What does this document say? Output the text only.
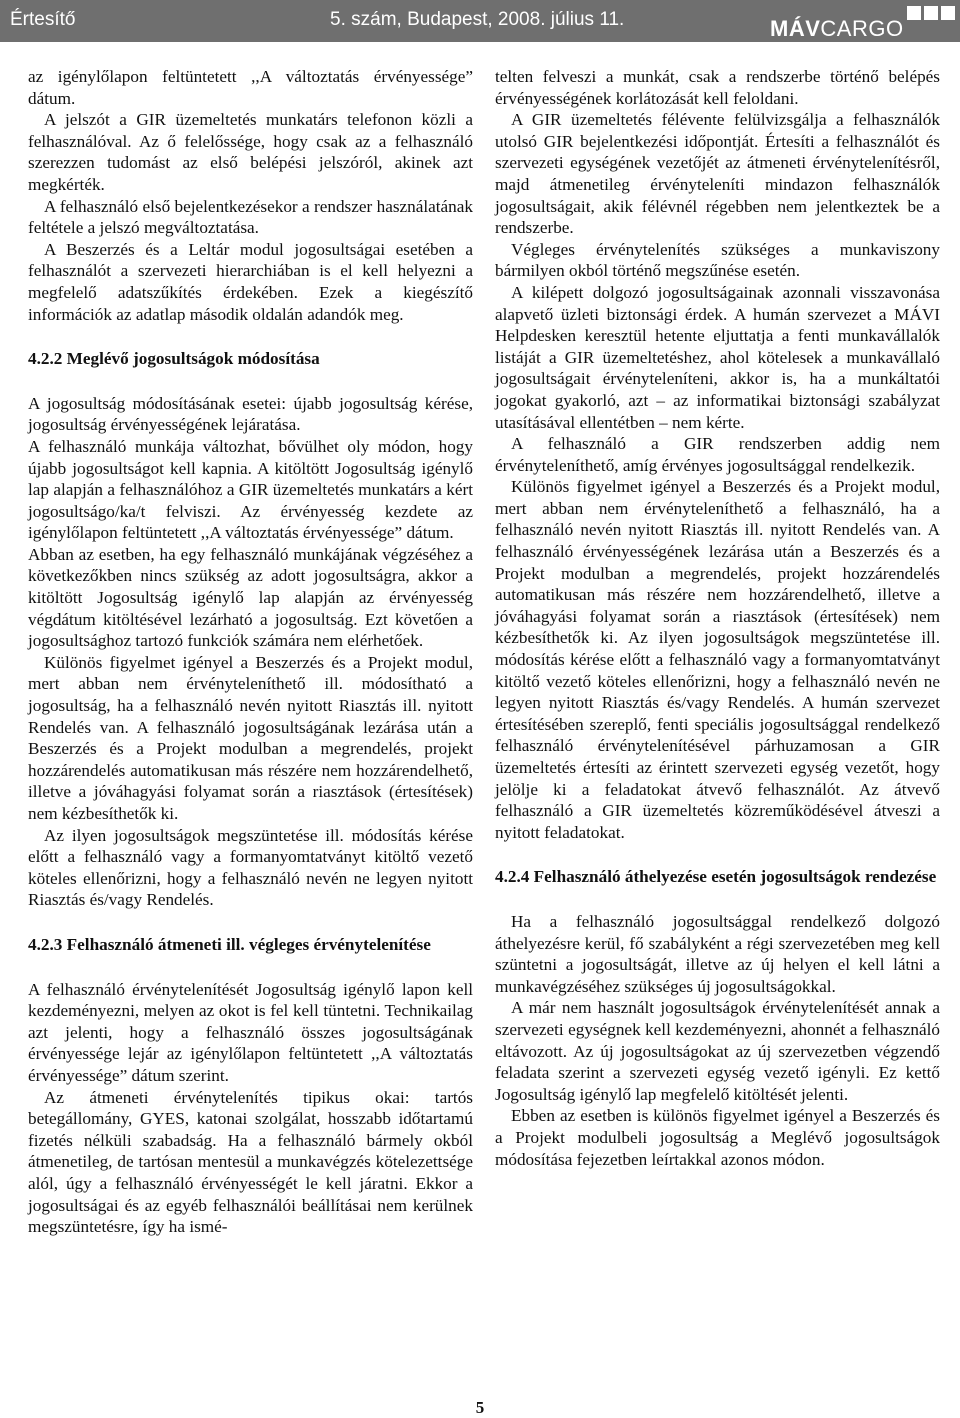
Értesítő	5. szám, Budapest, 2008. július 11.	MÁVCARGO

az igénylőlapon feltüntetett ,,A változtatás érvényessége” dátum.

A jelszót a GIR üzemeltetés munkatárs telefonon közli a felhasználóval. Az ő felelőssége, hogy csak az a felhasználó szerezzen tudomást az első belépési jelszóról, akinek azt megkérték.

A felhasználó első bejelentkezésekor a rendszer használatának feltétele a jelszó megváltoztatása.

A Beszerzés és a Leltár modul jogosultságai esetében a felhasználót a szervezeti hierarchiában is el kell helyezni a megfelelő adatszűkítés érdekében. Ezek a kiegészítő információk az adatlap második oldalán adandók meg.

4.2.2 Meglévő jogosultságok módosítása

A jogosultság módosításának esetei: újabb jogosultság kérése, jogosultság érvényességének lejáratása.

A felhasználó munkája változhat, bővülhet oly módon, hogy újabb jogosultságot kell kapnia. A kitöltött Jogosultság igénylő lap alapján a felhasználóhoz a GIR üzemeltetés munkatárs a kért jogosultságo/ka/t felviszi. Az érvényesség kezdete az igénylőlapon feltüntetett ,,A változtatás érvényessége” dátum.

Abban az esetben, ha egy felhasználó munkájának végzéséhez a következőkben nincs szükség az adott jogosultságra, akkor a kitöltött Jogosultság igénylő lap alapján az érvényesség végdátum kitöltésével lezárható a jogosultság. Ezt követően a jogosultsághoz tartozó funkciók számára nem elérhetőek.

Különös figyelmet igényel a Beszerzés és a Projekt modul, mert abban nem érvényteleníthető ill. módosítható a jogosultság, ha a felhasználó nevén nyitott Riasztás ill. nyitott Rendelés van. A felhasználó jogosultságának lezárása után a Beszerzés és a Projekt modulban a megrendelés, projekt hozzárendelés automatikusan más részére nem hozzárendelhető, illetve a jóváhagyási folyamat során a riasztások (értesítések) nem kézbesíthetők ki.

Az ilyen jogosultságok megszüntetése ill. módosítás kérése előtt a felhasználó vagy a formanyomtatványt kitöltő vezető köteles ellenőrizni, hogy a felhasználó nevén ne legyen nyitott Riasztás és/vagy Rendelés.

4.2.3 Felhasználó átmeneti ill. végleges érvénytelenítése

A felhasználó érvénytelenítését Jogosultság igénylő lapon kell kezdeményezni, melyen az okot is fel kell tüntetni. Technikailag azt jelenti, hogy a felhasználó összes jogosultságának érvényessége lejár az igénylőlapon feltüntetett ,,A változtatás érvényessége” dátum szerint.

Az átmeneti érvénytelenítés tipikus okai: tartós betegállomány, GYES, katonai szolgálat, hosszabb időtartamú fizetés nélküli szabadság. Ha a felhasználó bármely okból átmenetileg, de tartósan mentesül a munkavégzés kötelezettsége alól, úgy a felhasználó érvényességét le kell járatni. Ekkor a jogosultságai és az egyéb felhasználói beállításai nem kerülnek megszüntetésre, így ha ismé-

telten felveszi a munkát, csak a rendszerbe történő belépés érvényességének korlátozását kell feloldani.

A GIR üzemeltetés félévente felülvizsgálja a felhasználók utolsó GIR bejelentkezési időpontját. Értesíti a felhasználót és szervezeti egységének vezetőjét az átmeneti érvénytelenítésről, majd átmenetileg érvényteleníti mindazon felhasználók jogosultságait, akik félévnél régebben nem jelentkeztek be a rendszerbe.

Végleges érvénytelenítés szükséges a munkaviszony bármilyen okból történő megszűnése esetén.

A kilépett dolgozó jogosultságainak azonnali visszavonása alapvető üzleti biztonsági érdek. A humán szervezet a MÁVI Helpdesken keresztül hetente eljuttatja a fenti munkavállalók listáját a GIR üzemeltetéshez, ahol kötelesek a munkavállaló jogosultságait érvényteleníteni, akkor is, ha a munkáltatói jogokat gyakorló, azt – az informatikai biztonsági szabályzat utasításával ellentétben – nem kérte.

A felhasználó a GIR rendszerben addig nem érvényteleníthető, amíg érvényes jogosultsággal rendelkezik.

Különös figyelmet igényel a Beszerzés és a Projekt modul, mert abban nem érvényteleníthető a felhasználó, ha a felhasználó nevén nyitott Riasztás ill. nyitott Rendelés van. A felhasználó érvényességének lezárása után a Beszerzés és a Projekt modulban a megrendelés, projekt hozzárendelés automatikusan más részére nem hozzárendelhető, illetve a jóváhagyási folyamat során a riasztások (értesítések) nem kézbesíthetők ki. Az ilyen jogosultságok megszüntetése ill. módosítás kérése előtt a felhasználó vagy a formanyomtatványt kitöltő vezető köteles ellenőrizni, hogy a felhasználó nevén ne legyen nyitott Riasztás és/vagy Rendelés. A humán szervezet értesítésében szereplő, fenti speciális jogosultsággal rendelkező felhasználó érvénytelenítésével párhuzamosan a GIR üzemeltetés értesíti az érintett szervezeti egység vezetőt, hogy jelölje ki a feladatokat átvevő felhasználót. Az átvevő felhasználó a GIR üzemeltetés közreműködésével átveszi a nyitott feladatokat.

4.2.4 Felhasználó áthelyezése esetén jogosultságok rendezése

Ha a felhasználó jogosultsággal rendelkező dolgozó áthelyezésre kerül, fő szabályként a régi szervezetében meg kell szüntetni a jogosultságát, illetve az új helyen el kell látni a munkavégzéséhez szükséges új jogosultságokkal.

A már nem használt jogosultságok érvénytelenítését annak a szervezeti egységnek kell kezdeményezni, ahonnét a felhasználó eltávozott. Az új jogosultságokat az új szervezetben végzendő feladata szerint a szervezeti egység vezető igényli. Ez kettő Jogosultság igénylő lap megfelelő kitöltését jelenti.

Ebben az esetben is különös figyelmet igényel a Beszerzés és a Projekt modulbeli jogosultság a Meglévő jogosultságok módosítása fejezetben leírtakkal azonos módon.

5
